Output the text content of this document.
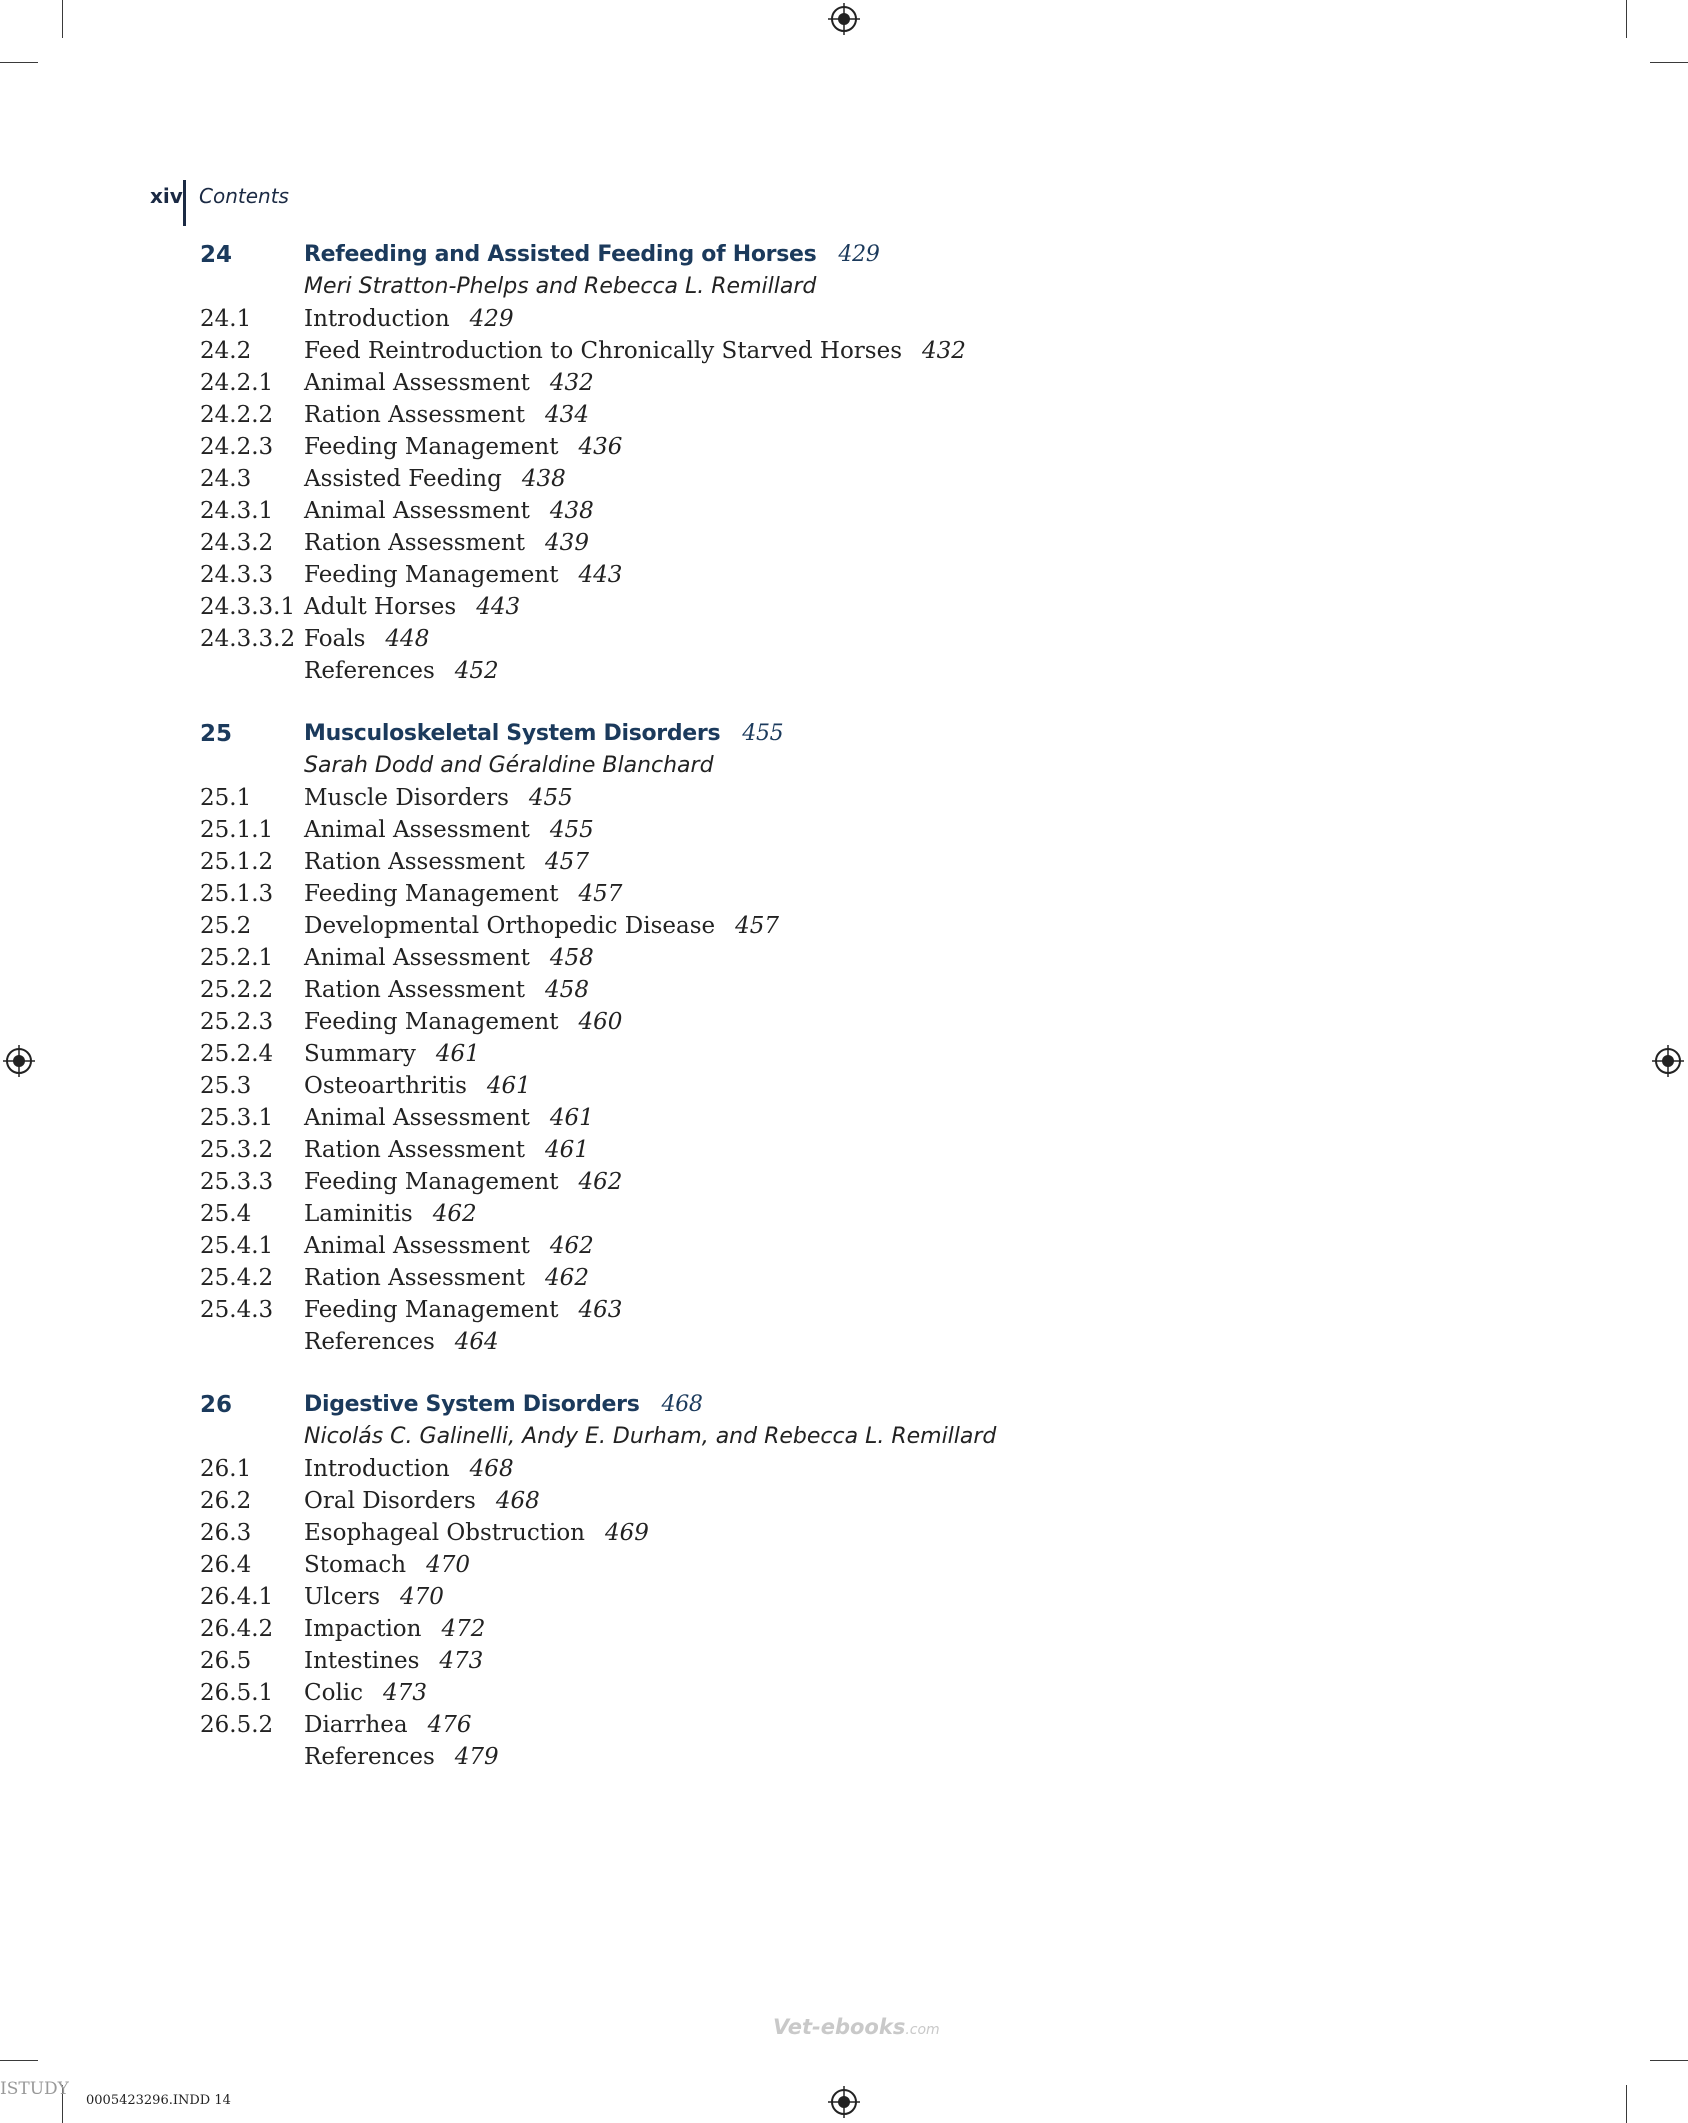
xiv Contents
24	Refeeding and Assisted Feeding of Horses 429
Meri Stratton-Phelps and Rebecca L. Remillard
24.1 Introduction 429
24.2 Feed Reintroduction to Chronically Starved Horses 432
24.2.1 Animal Assessment 432
24.2.2 Ration Assessment 434
24.2.3 Feeding Management 436
24.3 Assisted Feeding 438
24.3.1 Animal Assessment 438
24.3.2 Ration Assessment 439
24.3.3 Feeding Management 443
24.3.3.1 Adult Horses 443
24.3.3.2 Foals 448
References 452
25	Musculoskeletal System Disorders 455
Sarah Dodd and Géraldine Blanchard
25.1 Muscle Disorders 455
25.1.1 Animal Assessment 455
25.1.2 Ration Assessment 457
25.1.3 Feeding Management 457
25.2 Developmental Orthopedic Disease 457
25.2.1 Animal Assessment 458
25.2.2 Ration Assessment 458
25.2.3 Feeding Management 460
25.2.4 Summary 461
25.3 Osteoarthritis 461
25.3.1 Animal Assessment 461
25.3.2 Ration Assessment 461
25.3.3 Feeding Management 462
25.4 Laminitis 462
25.4.1 Animal Assessment 462
25.4.2 Ration Assessment 462
25.4.3 Feeding Management 463
References 464
26	Digestive System Disorders 468
Nicolás C. Galinelli, Andy E. Durham, and Rebecca L. Remillard
26.1 Introduction 468
26.2 Oral Disorders 468
26.3 Esophageal Obstruction 469
26.4 Stomach 470
26.4.1 Ulcers 470
26.4.2 Impaction 472
26.5 Intestines 473
26.5.1 Colic 473
26.5.2 Diarrhea 476
References 479
Vet-ebooks.com
ISTUDY
0005423296.INDD 14
